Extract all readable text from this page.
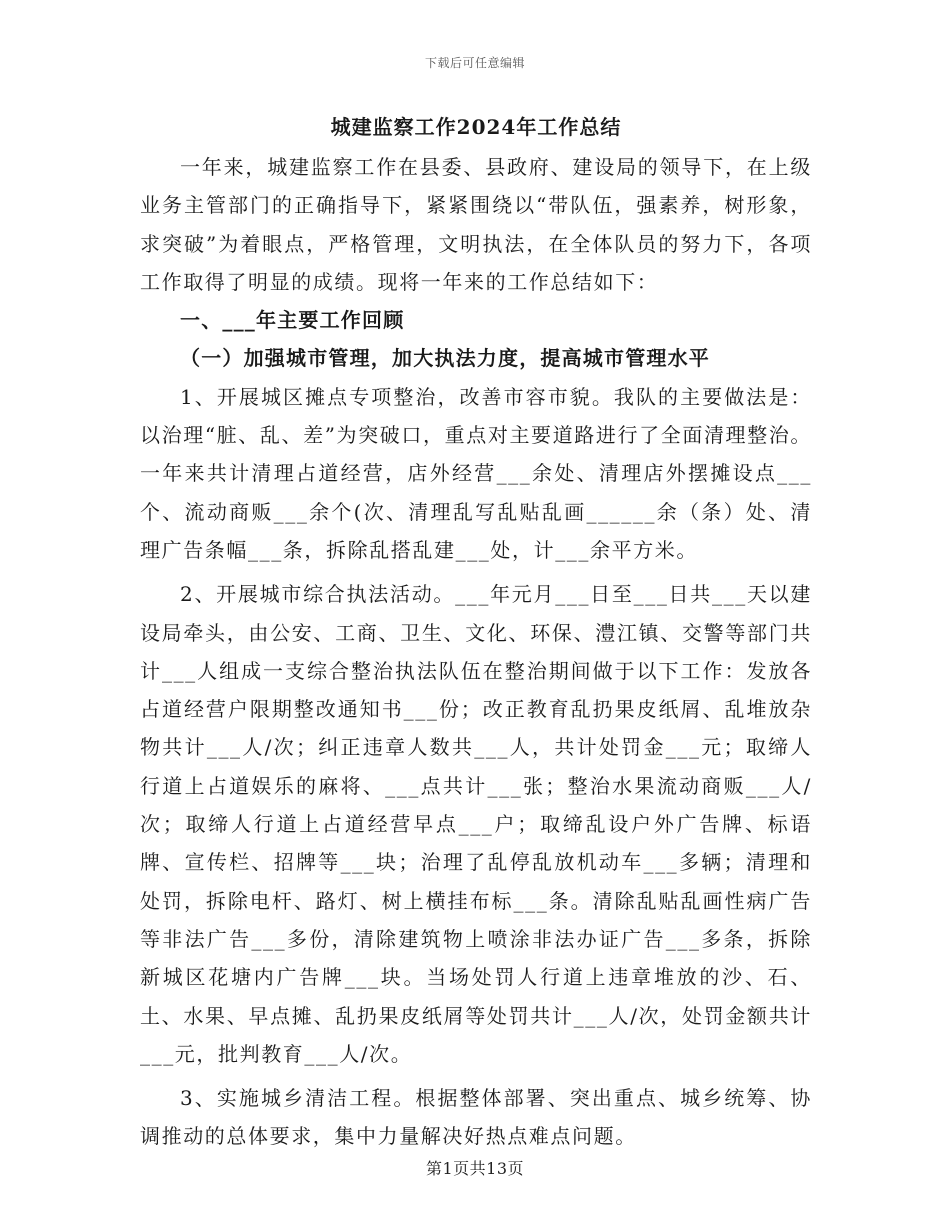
下载后可任意编辑
城建监察工作2024年工作总结

一年来，城建监察工作在县委、县政府、建设局的领导下，在上级业务主管部门的正确指导下，紧紧围绕以“带队伍，强素养，树形象，求突破”为着眼点，严格管理，文明执法，在全体队员的努力下，各项工作取得了明显的成绩。现将一年来的工作总结如下：

一、___年主要工作回顾

（一）加强城市管理，加大执法力度，提高城市管理水平

1、开展城区摊点专项整治，改善市容市貌。我队的主要做法是：以治理“脏、乱、差”为突破口，重点对主要道路进行了全面清理整治。一年来共计清理占道经营，店外经营___余处、清理店外摆摊设点___个、流动商贩___余个(次、清理乱写乱贴乱画______余（条）处、清理广告条幅___条，拆除乱搭乱建___处，计___余平方米。

2、开展城市综合执法活动。___年元月___日至___日共___天以建设局牵头，由公安、工商、卫生、文化、环保、澧江镇、交警等部门共计___人组成一支综合整治执法队伍在整治期间做于以下工作：发放各占道经营户限期整改通知书___份；改正教育乱扔果皮纸屑、乱堆放杂物共计___人/次；纠正违章人数共___人，共计处罚金___元；取缔人行道上占道娱乐的麻将、___点共计___张；整治水果流动商贩___人/次；取缔人行道上占道经营早点___户；取缔乱设户外广告牌、标语牌、宣传栏、招牌等___块；治理了乱停乱放机动车___多辆；清理和处罚，拆除电杆、路灯、树上横挂布标___条。清除乱贴乱画性病广告等非法广告___多份，清除建筑物上喷涂非法办证广告___多条，拆除新城区花塘内广告牌___块。当场处罚人行道上违章堆放的沙、石、土、水果、早点摊、乱扔果皮纸屑等处罚共计___人/次，处罚金额共计___元，批判教育___人/次。

3、实施城乡清洁工程。根据整体部署、突出重点、城乡统筹、协调推动的总体要求，集中力量解决好热点难点问题。

第1页共13页
